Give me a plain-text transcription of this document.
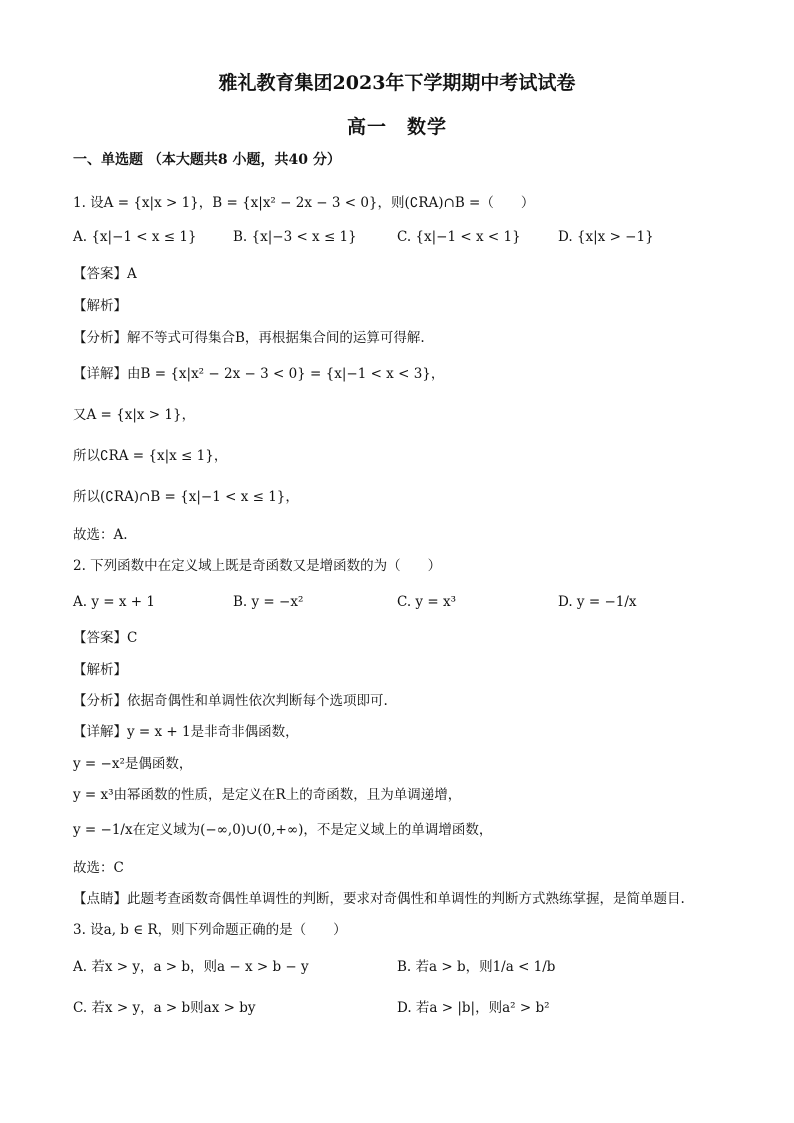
雅礼教育集团2023年下学期期中考试试卷
高一　数学
一、单选题 （本大题共8 小题，共40 分）
1. 设A = {x|x > 1}，B = {x|x² − 2x − 3 < 0}，则(∁RA)∩B =（　　）
A. {x|−1 < x ≤ 1}	B. {x|−3 < x ≤ 1}	C. {x|−1 < x < 1}	D. {x|x > −1}
【答案】A
【解析】
【分析】解不等式可得集合B，再根据集合间的运算可得解.
【详解】由B = {x|x² − 2x − 3 < 0} = {x|−1 < x < 3}，
又A = {x|x > 1}，
所以∁RA = {x|x ≤ 1}，
所以(∁RA)∩B = {x|−1 < x ≤ 1}，
故选：A.
2. 下列函数中在定义域上既是奇函数又是增函数的为（　　）
A. y = x + 1	B. y = −x²	C. y = x³	D. y = −1/x
【答案】C
【解析】
【分析】依据奇偶性和单调性依次判断每个选项即可.
【详解】y = x + 1是非奇非偶函数，
y = −x²是偶函数，
y = x³由幂函数的性质，是定义在R上的奇函数，且为单调递增，
y = −1/x在定义域为(−∞,0)∪(0,+∞)，不是定义域上的单调增函数，
故选：C
【点睛】此题考查函数奇偶性单调性的判断，要求对奇偶性和单调性的判断方式熟练掌握，是简单题目.
3. 设a, b ∈ R，则下列命题正确的是（　　）
A. 若x > y，a > b，则a − x > b − y	B. 若a > b，则1/a < 1/b
C. 若x > y，a > b则ax > by	D. 若a > |b|，则a² > b²
